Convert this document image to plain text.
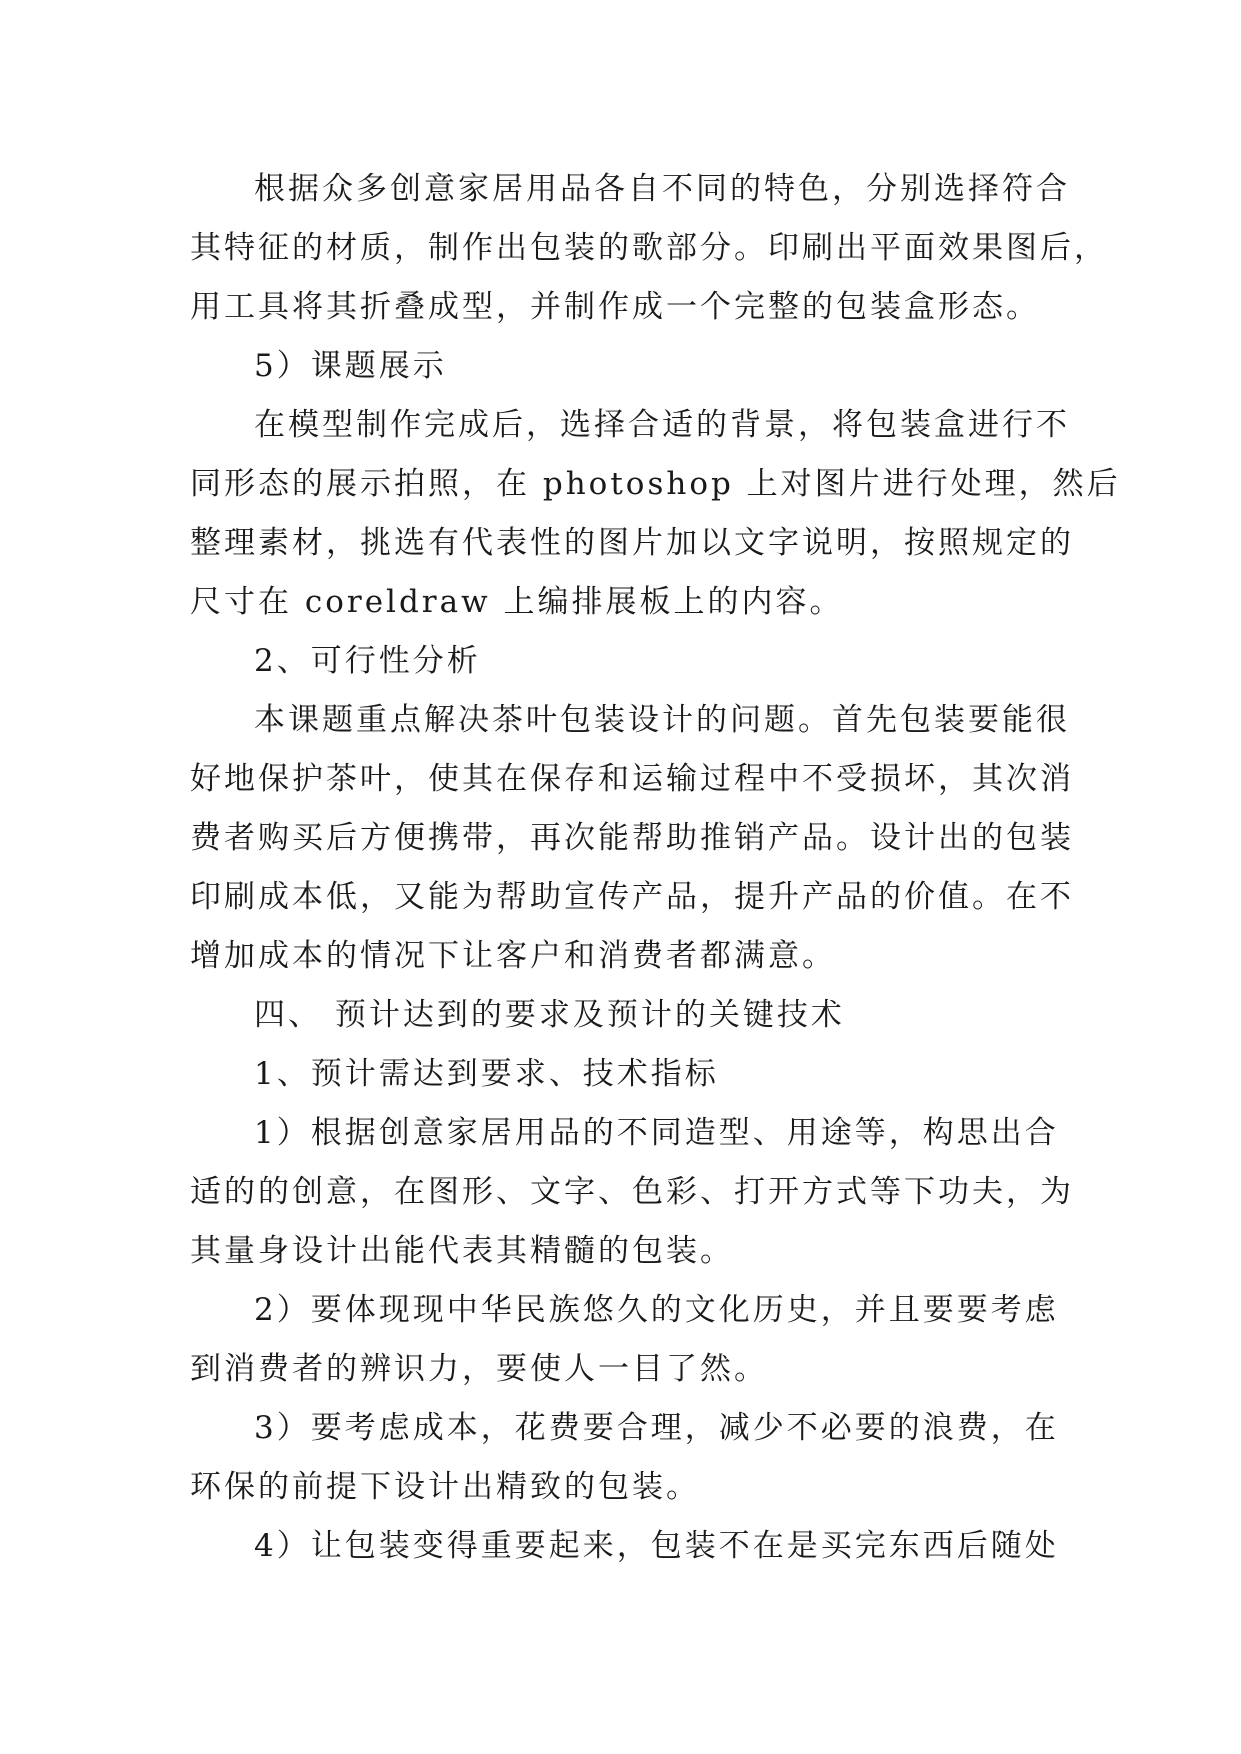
根据众多创意家居用品各自不同的特色，分别选择符合
其特征的材质，制作出包装的歌部分。印刷出平面效果图后，
用工具将其折叠成型，并制作成一个完整的包装盒形态。

5）课题展示

在模型制作完成后，选择合适的背景，将包装盒进行不
同形态的展示拍照，在 photoshop 上对图片进行处理，然后
整理素材，挑选有代表性的图片加以文字说明，按照规定的
尺寸在 coreldraw 上编排展板上的内容。

2、可行性分析

本课题重点解决茶叶包装设计的问题。首先包装要能很
好地保护茶叶，使其在保存和运输过程中不受损坏，其次消
费者购买后方便携带，再次能帮助推销产品。设计出的包装
印刷成本低，又能为帮助宣传产品，提升产品的价值。在不
增加成本的情况下让客户和消费者都满意。

四、 预计达到的要求及预计的关键技术

1、预计需达到要求、技术指标

1）根据创意家居用品的不同造型、用途等，构思出合
适的的创意，在图形、文字、色彩、打开方式等下功夫，为
其量身设计出能代表其精髓的包装。

2）要体现现中华民族悠久的文化历史，并且要要考虑
到消费者的辨识力，要使人一目了然。

3）要考虑成本，花费要合理，减少不必要的浪费，在
环保的前提下设计出精致的包装。

4）让包装变得重要起来，包装不在是买完东西后随处
